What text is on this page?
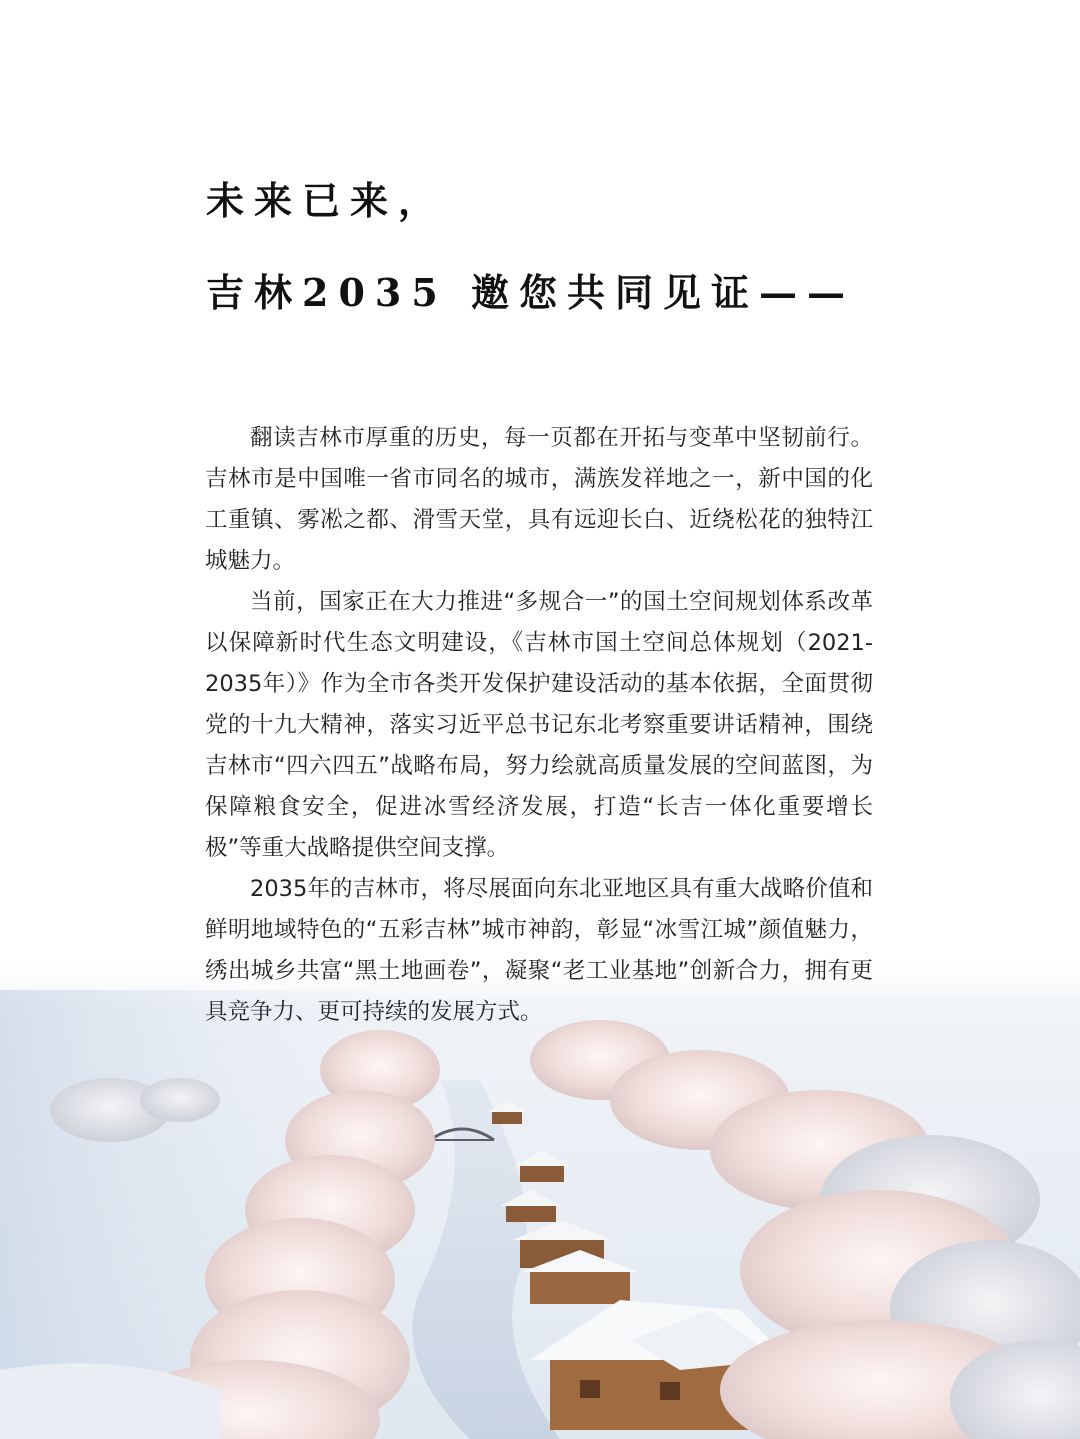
未来已来，
吉林2035 邀您共同见证——

翻读吉林市厚重的历史，每一页都在开拓与变革中坚韧前行。吉林市是中国唯一省市同名的城市，满族发祥地之一，新中国的化工重镇、雾凇之都、滑雪天堂，具有远迎长白、近绕松花的独特江城魅力。

当前，国家正在大力推进“多规合一”的国土空间规划体系改革以保障新时代生态文明建设，《吉林市国土空间总体规划（2021-2035年）》作为全市各类开发保护建设活动的基本依据，全面贯彻党的十九大精神，落实习近平总书记东北考察重要讲话精神，围绕吉林市“四六四五”战略布局，努力绘就高质量发展的空间蓝图，为保障粮食安全，促进冰雪经济发展，打造“长吉一体化重要增长极”等重大战略提供空间支撑。

2035年的吉林市，将尽展面向东北亚地区具有重大战略价值和鲜明地域特色的“五彩吉林”城市神韵，彰显“冰雪江城”颜值魅力，绣出城乡共富“黑土地画卷”，凝聚“老工业基地”创新合力，拥有更具竞争力、更可持续的发展方式。
